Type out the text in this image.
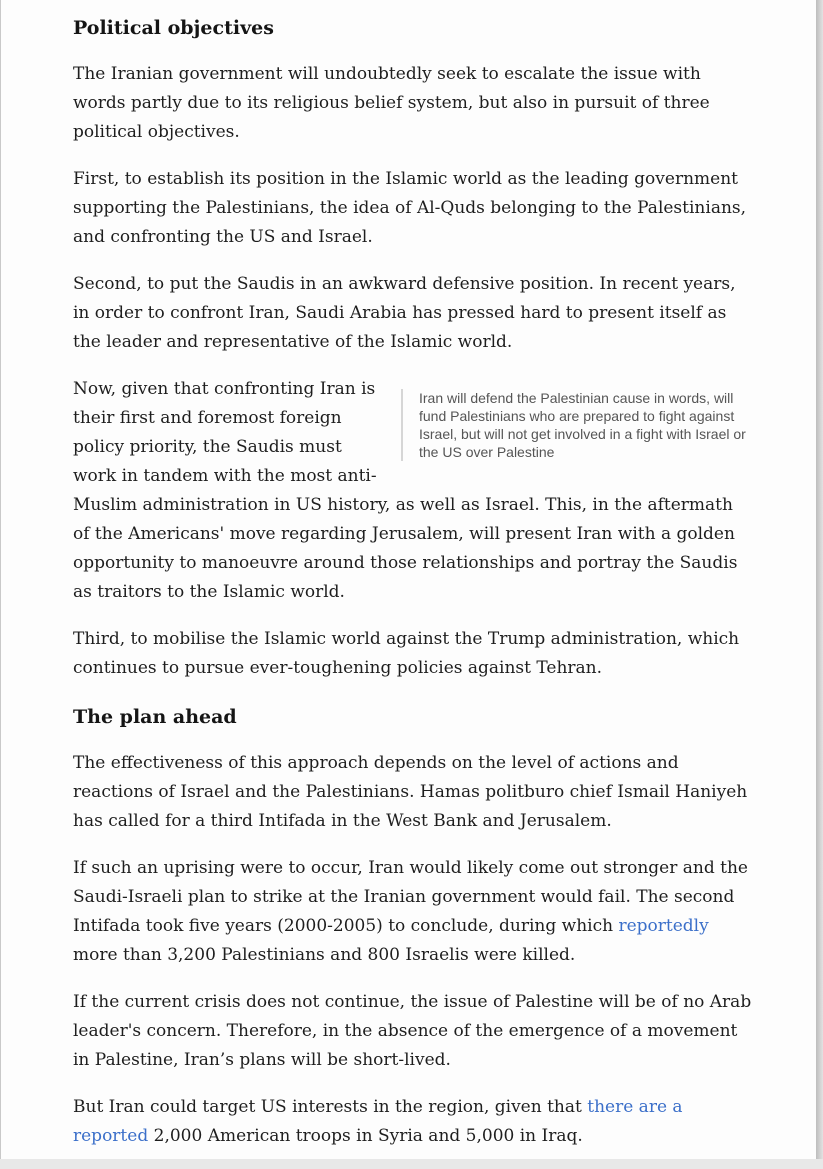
Political objectives

The Iranian government will undoubtedly seek to escalate the issue with words partly due to its religious belief system, but also in pursuit of three political objectives.

First, to establish its position in the Islamic world as the leading government supporting the Palestinians, the idea of Al-Quds belonging to the Palestinians, and confronting the US and Israel.

Second, to put the Saudis in an awkward defensive position. In recent years, in order to confront Iran, Saudi Arabia has pressed hard to present itself as the leader and representative of the Islamic world.

Iran will defend the Palestinian cause in words, will fund Palestinians who are prepared to fight against Israel, but will not get involved in a fight with Israel or the US over Palestine

Now, given that confronting Iran is their first and foremost foreign policy priority, the Saudis must work in tandem with the most anti-Muslim administration in US history, as well as Israel. This, in the aftermath of the Americans' move regarding Jerusalem, will present Iran with a golden opportunity to manoeuvre around those relationships and portray the Saudis as traitors to the Islamic world.

Third, to mobilise the Islamic world against the Trump administration, which continues to pursue ever-toughening policies against Tehran.

The plan ahead

The effectiveness of this approach depends on the level of actions and reactions of Israel and the Palestinians. Hamas politburo chief Ismail Haniyeh has called for a third Intifada in the West Bank and Jerusalem.

If such an uprising were to occur, Iran would likely come out stronger and the Saudi-Israeli plan to strike at the Iranian government would fail. The second Intifada took five years (2000-2005) to conclude, during which reportedly more than 3,200 Palestinians and 800 Israelis were killed.

If the current crisis does not continue, the issue of Palestine will be of no Arab leader's concern. Therefore, in the absence of the emergence of a movement in Palestine, Iran’s plans will be short-lived.

But Iran could target US interests in the region, given that there are a reported 2,000 American troops in Syria and 5,000 in Iraq.
